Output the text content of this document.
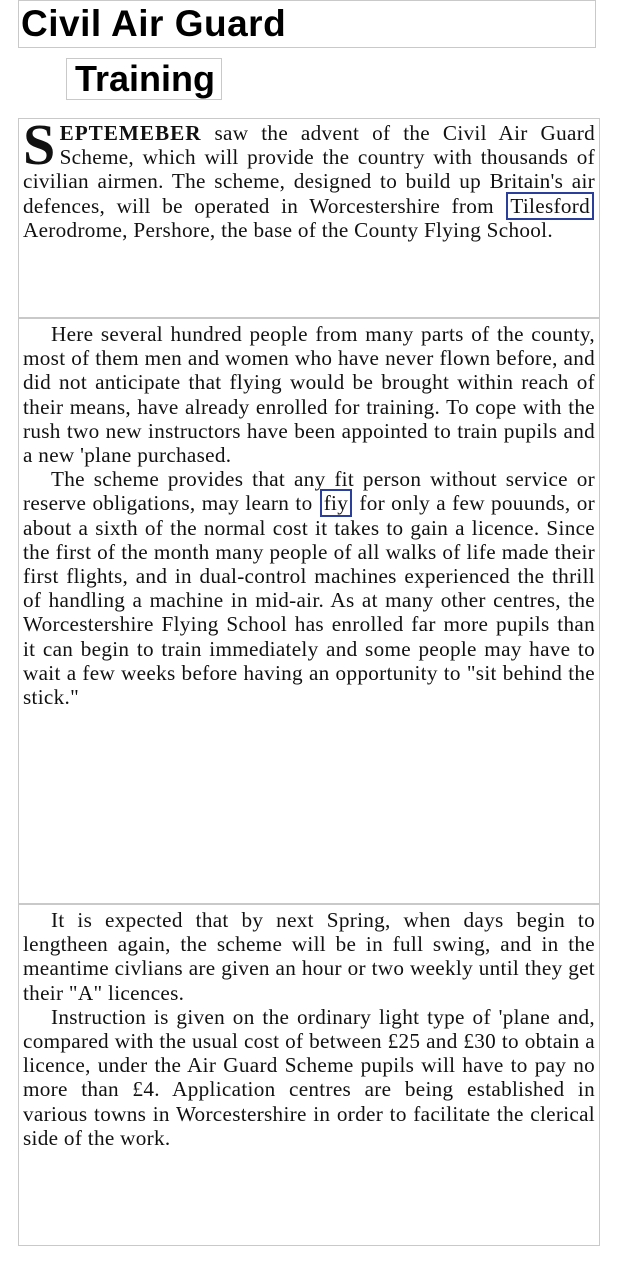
Civil Air Guard
Training

SEPTEMEBER saw the advent of the Civil Air Guard Scheme, which will provide the country with thousands of civilian airmen. The scheme, designed to build up Britain's air defences, will be operated in Worcestershire from Tilesford Aerodrome, Pershore, the base of the County Flying School.

Here several hundred people from many parts of the county, most of them men and women who have never flown before, and did not anticipate that flying would be brought within reach of their means, have already enrolled for training. To cope with the rush two new instructors have been appointed to train pupils and a new 'plane purchased.

The scheme provides that any fit person without service or reserve obligations, may learn to fiy for only a few pouunds, or about a sixth of the normal cost it takes to gain a licence. Since the first of the month many people of all walks of life made their first flights, and in dual-control machines experienced the thrill of handling a machine in mid-air. As at many other centres, the Worcestershire Flying School has enrolled far more pupils than it can begin to train immediately and some people may have to wait a few weeks before having an opportunity to "sit behind the stick."

It is expected that by next Spring, when days begin to lengtheen again, the scheme will be in full swing, and in the meantime civlians are given an hour or two weekly until they get their "A" licences.

Instruction is given on the ordinary light type of 'plane and, compared with the usual cost of between £25 and £30 to obtain a licence, under the Air Guard Scheme pupils will have to pay no more than £4. Application centres are being established in various towns in Worcestershire in order to facilitate the clerical side of the work.
